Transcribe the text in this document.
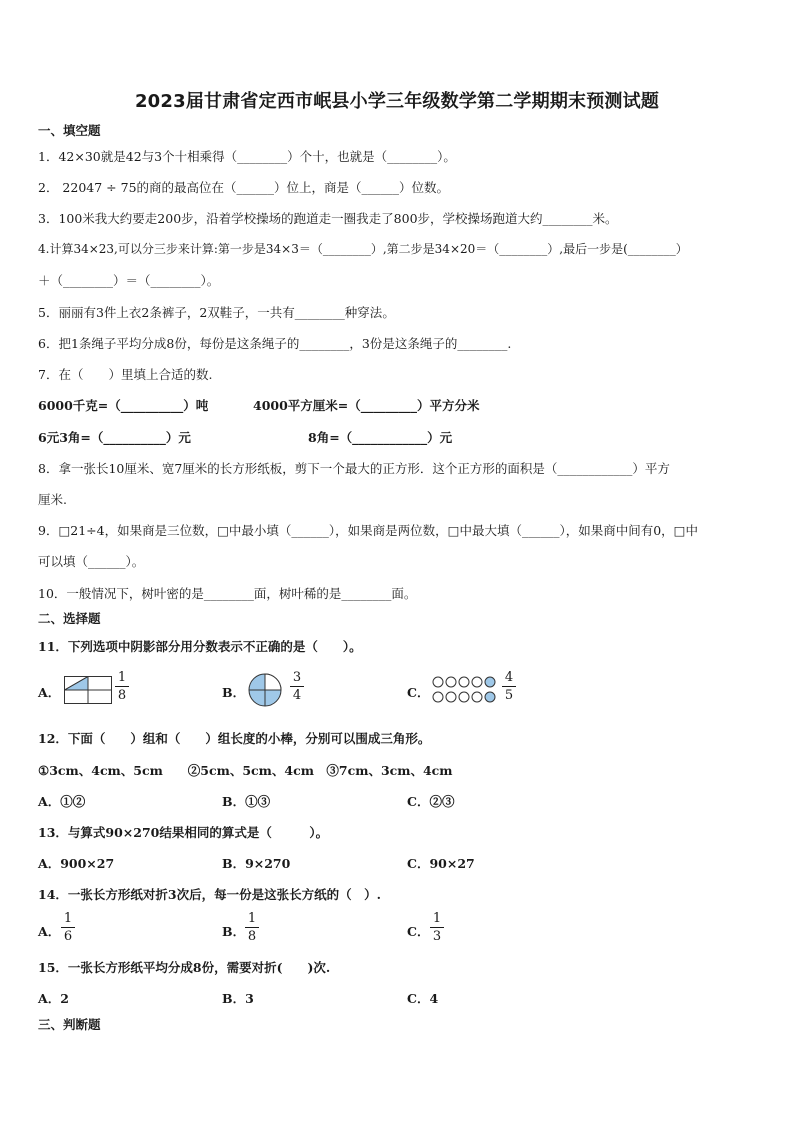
2023届甘肃省定西市岷县小学三年级数学第二学期期末预测试题
一、填空题
1．42×30就是42与3个十相乘得（________）个十，也就是（________）。
2． 22047 ÷ 75的商的最高位在（______）位上，商是（______）位数。
3．100米我大约要走200步，沿着学校操场的跑道走一圈我走了800步，学校操场跑道大约________米。
4.计算34×23,可以分三步来计算:第一步是34×3＝（________）,第二步是34×20＝（________）,最后一步是(________）
＋（________）＝（________）。
5．丽丽有3件上衣2条裤子，2双鞋子，一共有________种穿法。
6．把1条绳子平均分成8份，每份是这条绳子的________，3份是这条绳子的________.
7．在（　　）里填上合适的数.
6000千克=（__________）吨	4000平方厘米=（_________）平方分米
6元3角=（__________）元	8角=（____________）元
8．拿一张长10厘米、宽7厘米的长方形纸板，剪下一个最大的正方形．这个正方形的面积是（____________）平方
厘米.
9．□21÷4，如果商是三位数，□中最小填（______），如果商是两位数，□中最大填（______），如果商中间有0，□中
可以填（______）。
10．一般情况下，树叶密的是________面，树叶稀的是________面。
二、选择题
11．下列选项中阴影部分用分数表示不正确的是（　　）。
A．
1
8	B．
3
4	C．
4
5
12．下面（　　）组和（　　）组长度的小棒，分别可以围成三角形。
①3cm、4cm、5cm　　②5cm、5cm、4cm　③7cm、3cm、4cm
A．①②	B．①③	C．②③
13．与算式90×270结果相同的算式是（　　　）。
A．900×27	B．9×270	C．90×27
14．一张长方形纸对折3次后，每一份是这张长方纸的（　）.
A．
1
6	B．
1
8	C．
1
3
15．一张长方形纸平均分成8份，需要对折(　　)次.
A．2	B．3	C．4
三、判断题
